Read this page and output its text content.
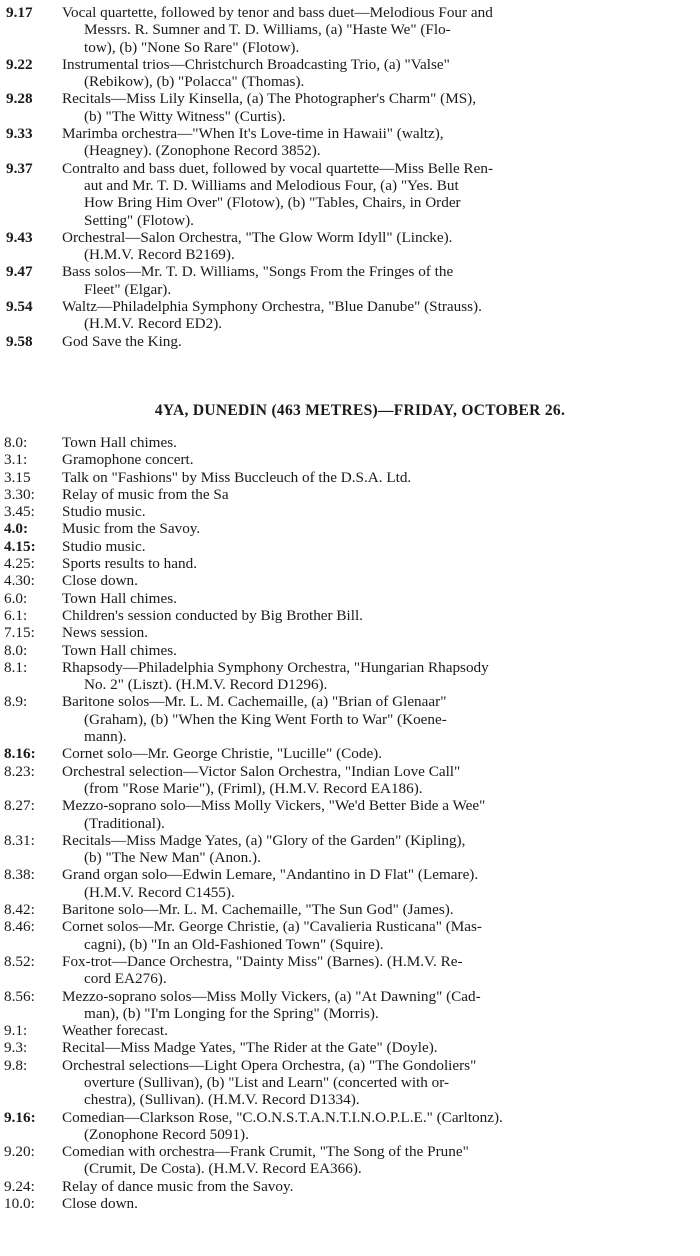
9.17 Vocal quartette, followed by tenor and bass duet—Melodious Four and
Messrs. R. Sumner and T. D. Williams, (a) "Haste We" (Flo-
tow), (b) "None So Rare" (Flotow).
9.22 Instrumental trios—Christchurch Broadcasting Trio, (a) "Valse"
(Rebikow), (b) "Polacca" (Thomas).
9.28 Recitals—Miss Lily Kinsella, (a) The Photographer's Charm" (MS),
(b) "The Witty Witness" (Curtis).
9.33 Marimba orchestra—"When It's Love-time in Hawaii" (waltz),
(Heagney). (Zonophone Record 3852).
9.37 Contralto and bass duet, followed by vocal quartette—Miss Belle Ren-
aut and Mr. T. D. Williams and Melodious Four, (a) "Yes. But
How Bring Him Over" (Flotow), (b) "Tables, Chairs, in Order
Setting" (Flotow).
9.43 Orchestral—Salon Orchestra, "The Glow Worm Idyll" (Lincke).
(H.M.V. Record B2169).
9.47 Bass solos—Mr. T. D. Williams, "Songs From the Fringes of the
Fleet" (Elgar).
9.54 Waltz—Philadelphia Symphony Orchestra, "Blue Danube" (Strauss).
(H.M.V. Record ED2).
9.58 God Save the King.
4YA, DUNEDIN (463 METRES)—FRIDAY, OCTOBER 26.
8.0: Town Hall chimes.
3.1: Gramophone concert.
3.15 Talk on "Fashions" by Miss Buccleuch of the D.S.A. Ltd.
3.30: Relay of music from the Sa
3.45: Studio music.
4.0: Music from the Savoy.
4.15: Studio music.
4.25: Sports results to hand.
4.30: Close down.
6.0: Town Hall chimes.
6.1: Children's session conducted by Big Brother Bill.
7.15: News session.
8.0: Town Hall chimes.
8.1: Rhapsody—Philadelphia Symphony Orchestra, "Hungarian Rhapsody
No. 2" (Liszt). (H.M.V. Record D1296).
8.9: Baritone solos—Mr. L. M. Cachemaille, (a) "Brian of Glenaar"
(Graham), (b) "When the King Went Forth to War" (Koene-
mann).
8.16: Cornet solo—Mr. George Christie, "Lucille" (Code).
8.23: Orchestral selection—Victor Salon Orchestra, "Indian Love Call"
(from "Rose Marie"), (Friml), (H.M.V. Record EA186).
8.27: Mezzo-soprano solo—Miss Molly Vickers, "We'd Better Bide a Wee"
(Traditional).
8.31: Recitals—Miss Madge Yates, (a) "Glory of the Garden" (Kipling),
(b) "The New Man" (Anon.).
8.38: Grand organ solo—Edwin Lemare, "Andantino in D Flat" (Lemare).
(H.M.V. Record C1455).
8.42: Baritone solo—Mr. L. M. Cachemaille, "The Sun God" (James).
8.46: Cornet solos—Mr. George Christie, (a) "Cavalieria Rusticana" (Mas-
cagni), (b) "In an Old-Fashioned Town" (Squire).
8.52: Fox-trot—Dance Orchestra, "Dainty Miss" (Barnes). (H.M.V. Re-
cord EA276).
8.56: Mezzo-soprano solos—Miss Molly Vickers, (a) "At Dawning" (Cad-
man), (b) "I'm Longing for the Spring" (Morris).
9.1: Weather forecast.
9.3: Recital—Miss Madge Yates, "The Rider at the Gate" (Doyle).
9.8: Orchestral selections—Light Opera Orchestra, (a) "The Gondoliers"
overture (Sullivan), (b) "List and Learn" (concerted with or-
chestra), (Sullivan). (H.M.V. Record D1334).
9.16: Comedian—Clarkson Rose, "C.O.N.S.T.A.N.T.I.N.O.P.L.E." (Carltonz).
(Zonophone Record 5091).
9.20: Comedian with orchestra—Frank Crumit, "The Song of the Prune"
(Crumit, De Costa). (H.M.V. Record EA366).
9.24: Relay of dance music from the Savoy.
10.0: Close down.
